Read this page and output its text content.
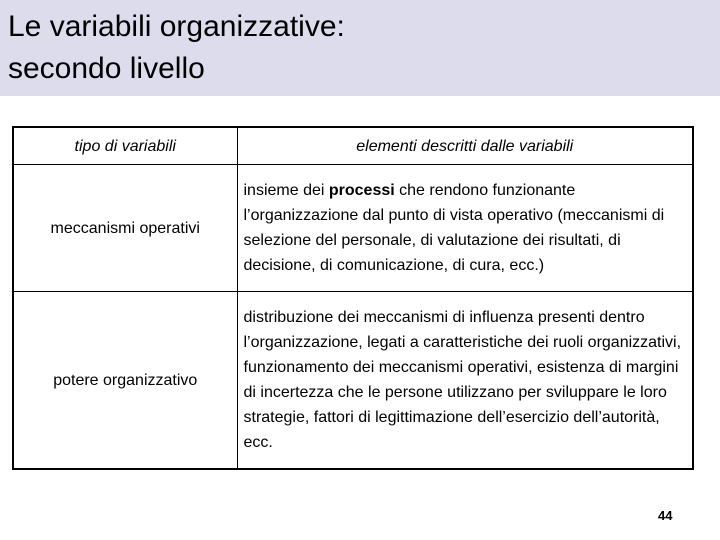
Le variabili organizzative:
secondo livello
tipo di variabili	elementi descritti dalle variabili
meccanismi operativi	insieme dei processi che rendono funzionante l’organizzazione dal punto di vista operativo (meccanismi di selezione del personale, di valutazione dei risultati, di decisione, di comunicazione, di cura, ecc.)
potere organizzativo	distribuzione dei meccanismi di influenza presenti dentro l’organizzazione, legati a caratteristiche dei ruoli organizzativi, funzionamento dei meccanismi operativi, esistenza di margini di incertezza che le persone utilizzano per sviluppare le loro strategie, fattori di legittimazione dell’esercizio dell’autorità, ecc.
44
